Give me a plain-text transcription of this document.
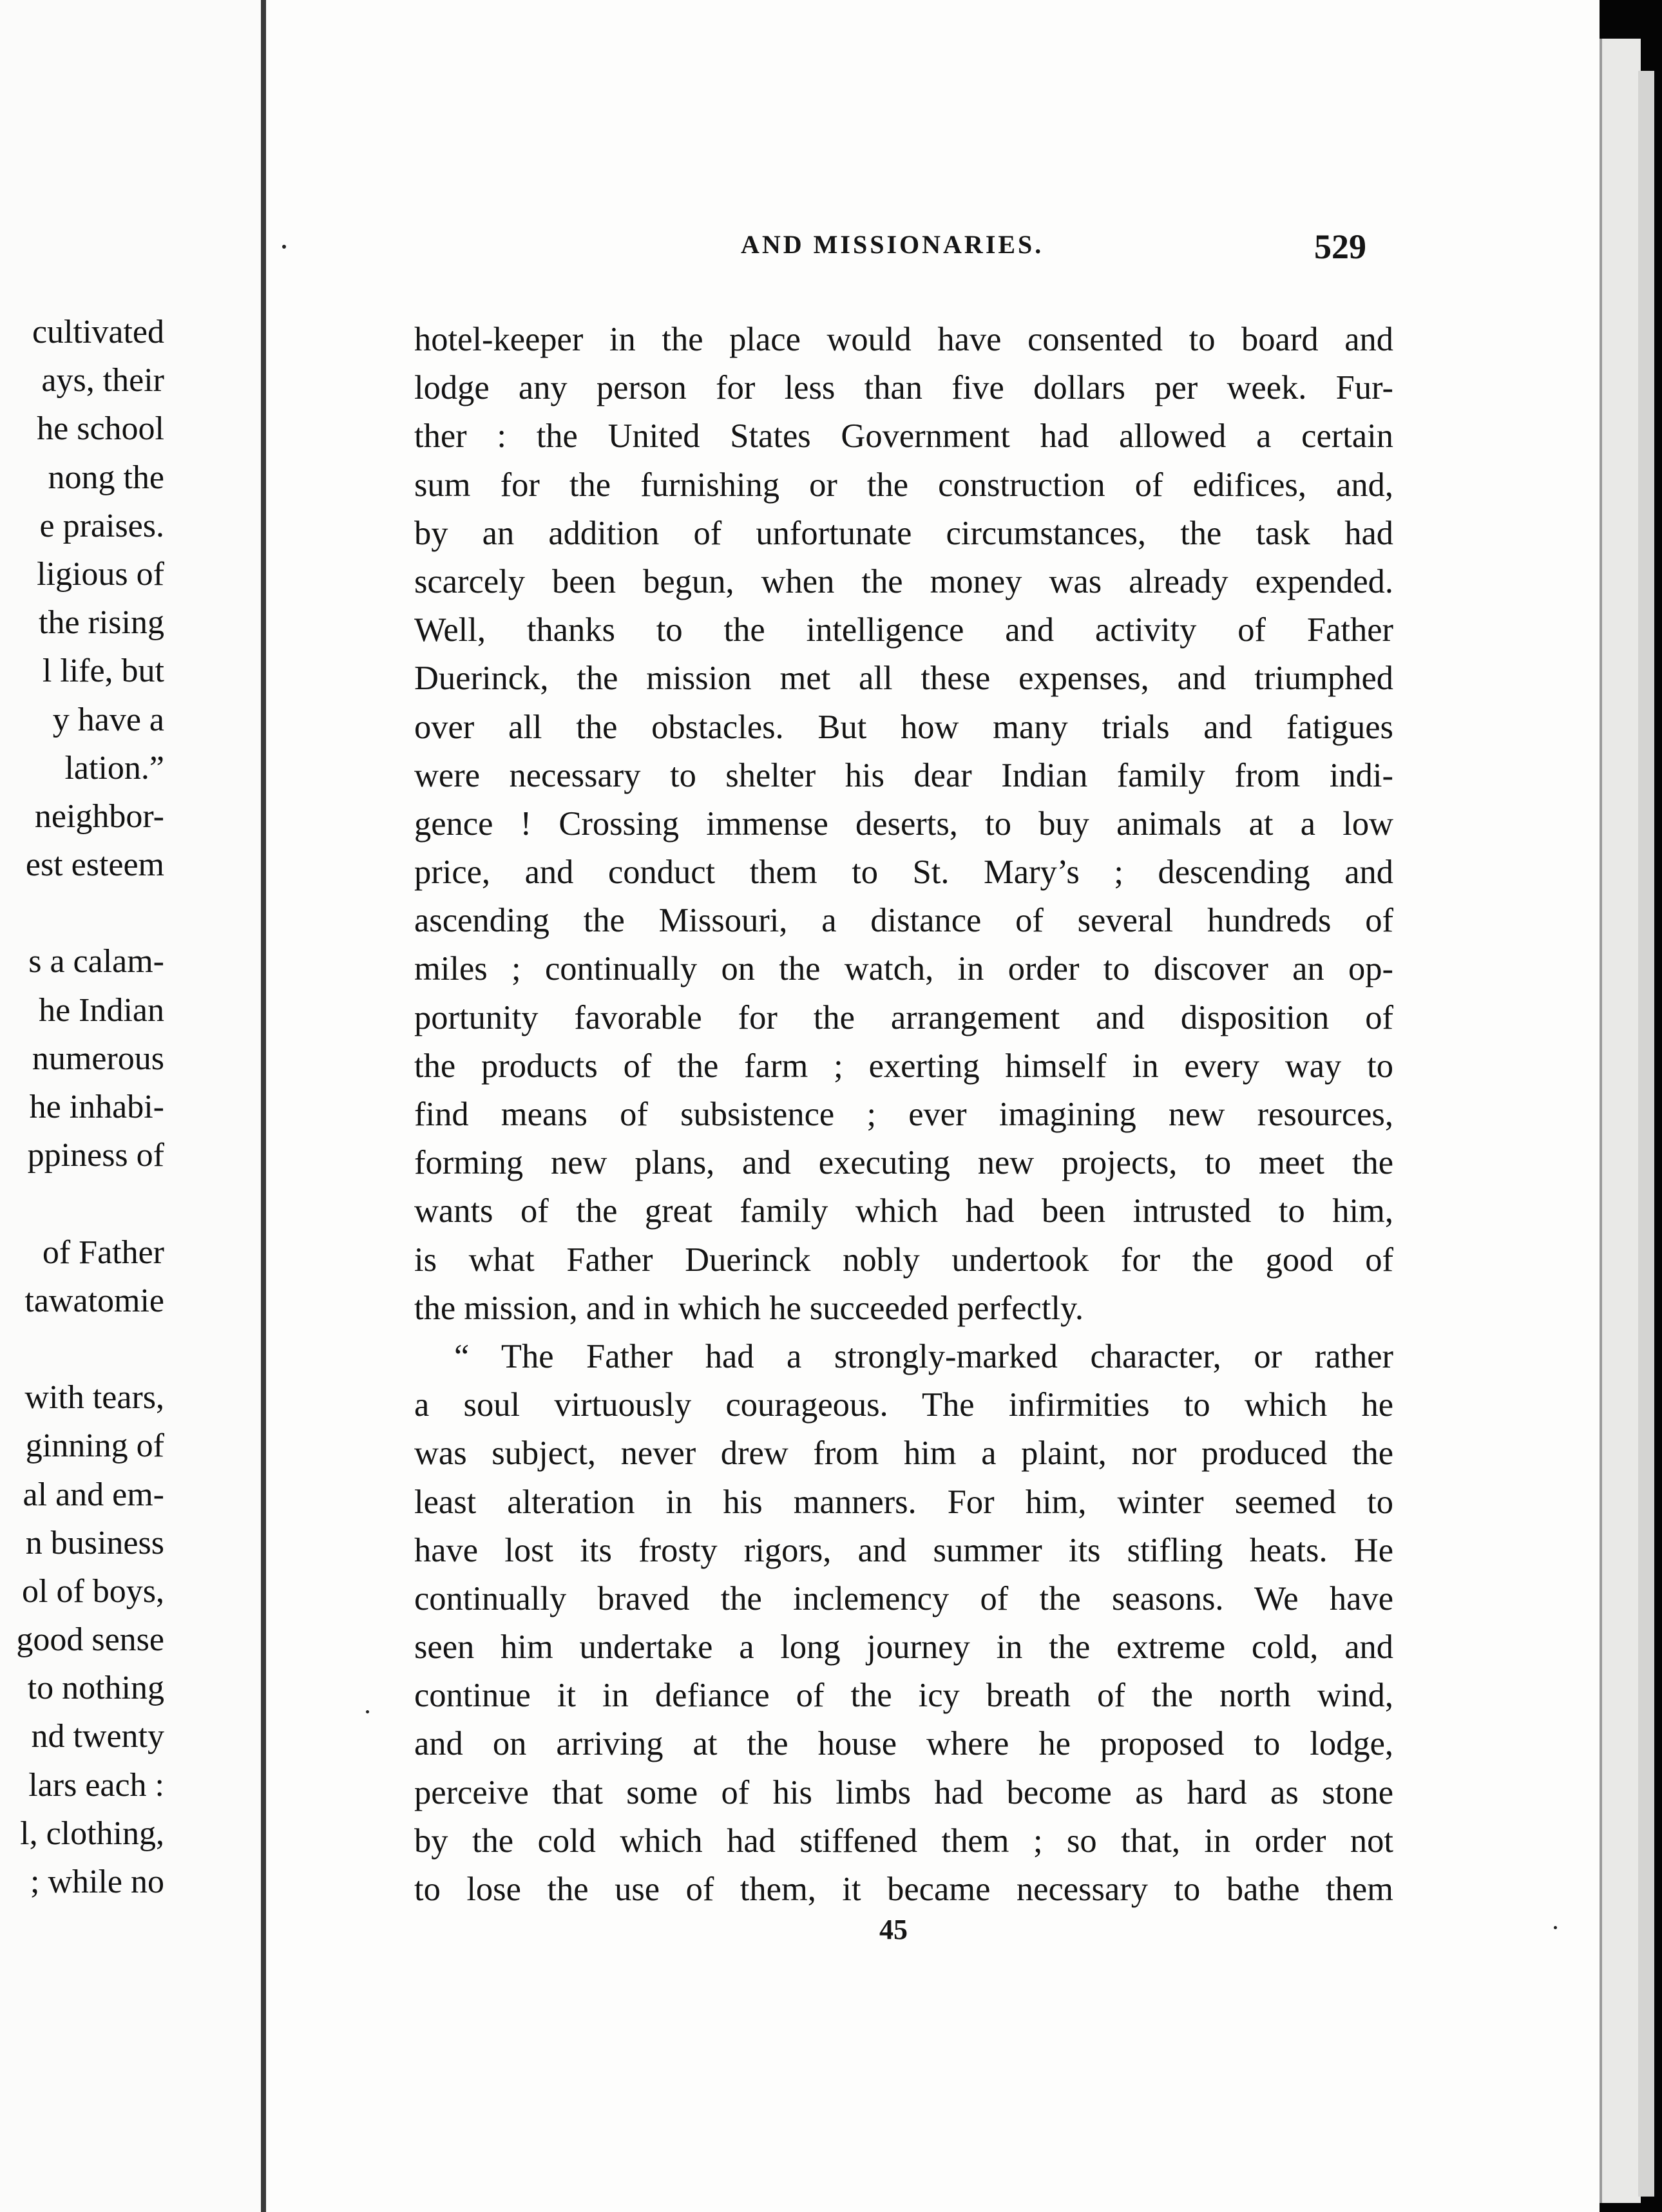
cultivated
ays, their
he school
nong the
e praises.
ligious of
the rising
l life, but
y have a
lation.”
neighbor-
est esteem
s a calam-
he Indian
numerous
he inhabi-
ppiness of
of Father
tawatomie
with tears,
ginning of
al and em-
n business
ol of boys,
good sense
to nothing
nd twenty
lars each :
l, clothing,
; while no
AND MISSIONARIES.	529
hotel-keeper in the place would have consented to board and
lodge any person for less than five dollars per week. Fur-
ther : the United States Government had allowed a certain
sum for the furnishing or the construction of edifices, and,
by an addition of unfortunate circumstances, the task had
scarcely been begun, when the money was already expended.
Well, thanks to the intelligence and activity of Father
Duerinck, the mission met all these expenses, and triumphed
over all the obstacles. But how many trials and fatigues
were necessary to shelter his dear Indian family from indi-
gence ! Crossing immense deserts, to buy animals at a low
price, and conduct them to St. Mary’s ; descending and
ascending the Missouri, a distance of several hundreds of
miles ; continually on the watch, in order to discover an op-
portunity favorable for the arrangement and disposition of
the products of the farm ; exerting himself in every way to
find means of subsistence ; ever imagining new resources,
forming new plans, and executing new projects, to meet the
wants of the great family which had been intrusted to him,
is what Father Duerinck nobly undertook for the good of
the mission, and in which he succeeded perfectly.
“ The Father had a strongly-marked character, or rather
a soul virtuously courageous. The infirmities to which he
was subject, never drew from him a plaint, nor produced the
least alteration in his manners. For him, winter seemed to
have lost its frosty rigors, and summer its stifling heats. He
continually braved the inclemency of the seasons. We have
seen him undertake a long journey in the extreme cold, and
continue it in defiance of the icy breath of the north wind,
and on arriving at the house where he proposed to lodge,
perceive that some of his limbs had become as hard as stone
by the cold which had stiffened them ; so that, in order not
to lose the use of them, it became necessary to bathe them
45
